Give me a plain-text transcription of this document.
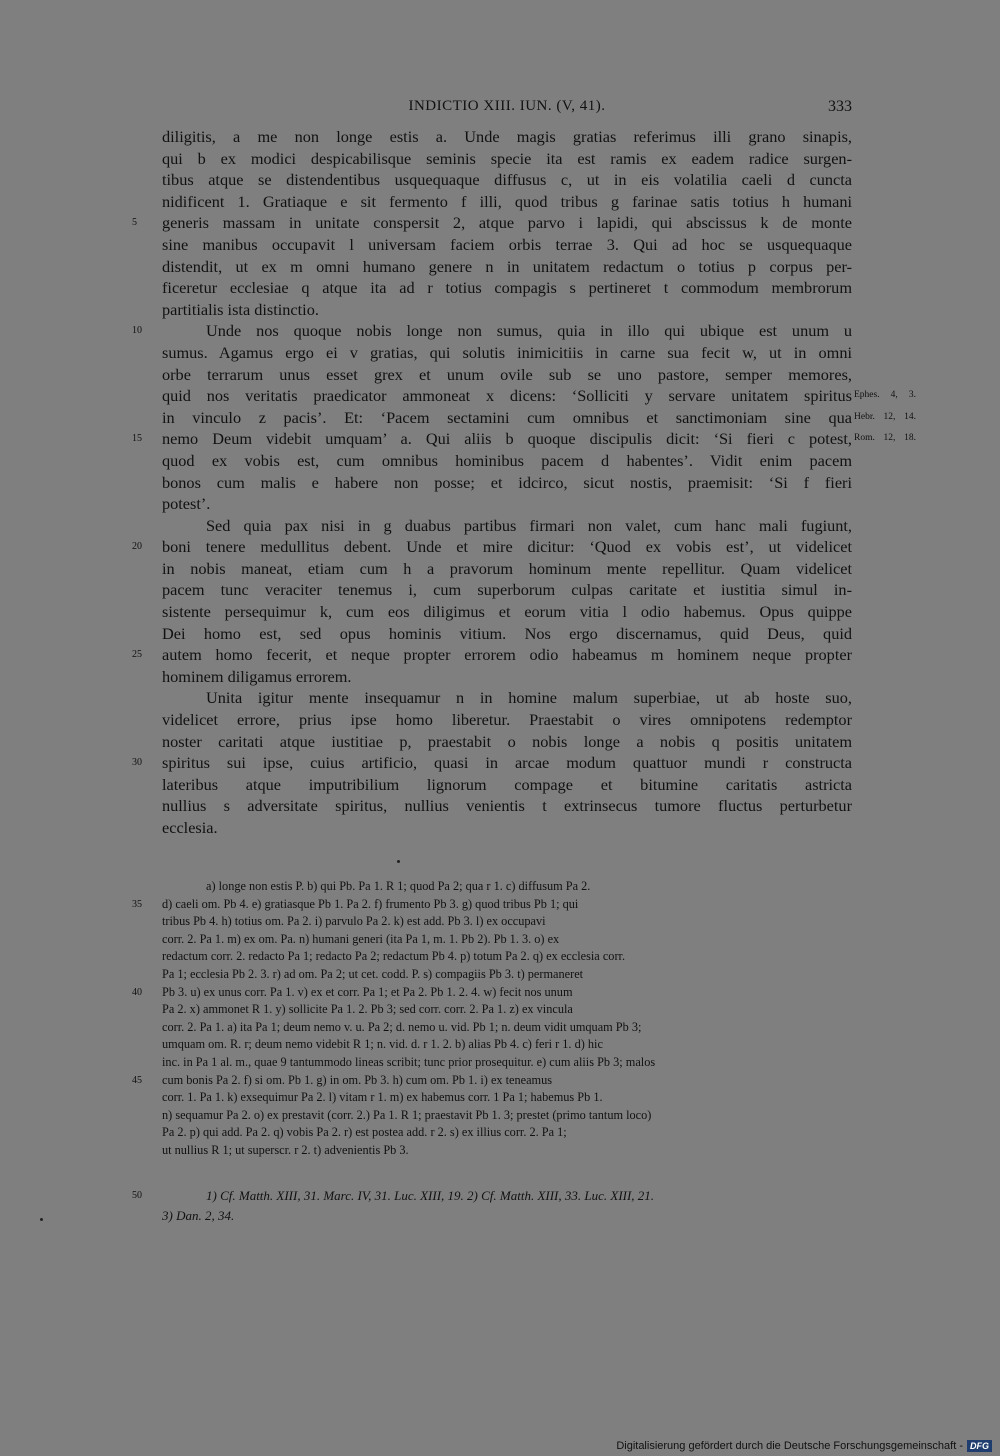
INDICTIO XIII. IUN. (V, 41).	333
diligitis, a me non longe estis a. Unde magis gratias referimus illi grano sinapis,
qui b ex modici despicabilisque seminis specie ita est ramis ex eadem radice surgen-
tibus atque se distendentibus usquequaque diffusus c, ut in eis volatilia caeli d cuncta
nidificent 1. Gratiaque e sit fermento f illi, quod tribus g farinae satis totius h humani
generis massam in unitate conspersit 2, atque parvo i lapidi, qui abscissus k de monte
5
sine manibus occupavit l universam faciem orbis terrae 3. Qui ad hoc se usquequaque
distendit, ut ex m omni humano genere n in unitatem redactum o totius p corpus per-
ficeretur ecclesiae q atque ita ad r totius compagis s pertineret t commodum membrorum
partitialis ista distinctio.
Unde nos quoque nobis longe non sumus, quia in illo qui ubique est unum u
10
sumus. Agamus ergo ei v gratias, qui solutis inimicitiis in carne sua fecit w, ut in omni
orbe terrarum unus esset grex et unum ovile sub se uno pastore, semper memores,
quid nos veritatis praedicator ammoneat x dicens: ‘Solliciti y servare unitatem spiritus Ephes. 4, 3.
in vinculo z pacis’. Et: ‘Pacem sectamini cum omnibus et sanctimoniam sine qua Hebr. 12, 14.
nemo Deum videbit umquam’ a. Qui aliis b quoque discipulis dicit: ‘Si fieri c potest,
15	Rom. 12, 18.
quod ex vobis est, cum omnibus hominibus pacem d habentes’. Vidit enim pacem
bonos cum malis e habere non posse; et idcirco, sicut nostis, praemisit: ‘Si f fieri
potest’.
Sed quia pax nisi in g duabus partibus firmari non valet, cum hanc mali fugiunt,
boni tenere medullitus debent. Unde et mire dicitur: ‘Quod ex vobis est’, ut videlicet
20
in nobis maneat, etiam cum h a pravorum hominum mente repellitur. Quam videlicet
pacem tunc veraciter tenemus i, cum superborum culpas caritate et iustitia simul in-
sistente persequimur k, cum eos diligimus et eorum vitia l odio habemus. Opus quippe
Dei homo est, sed opus hominis vitium. Nos ergo discernamus, quid Deus, quid
autem homo fecerit, et neque propter errorem odio habeamus m hominem neque propter
25
hominem diligamus errorem.
Unita igitur mente insequamur n in homine malum superbiae, ut ab hoste suo,
videlicet errore, prius ipse homo liberetur. Praestabit o vires omnipotens redemptor
noster caritati atque iustitiae p, praestabit o nobis longe a nobis q positis unitatem
spiritus sui ipse, cuius artificio, quasi in arcae modum quattuor mundi r constructa
30
lateribus atque imputribilium lignorum compage et bitumine caritatis astricta
nullius s adversitate spiritus, nullius venientis t extrinsecus tumore fluctus perturbetur
ecclesia.
a) longe non estis P. b) qui Pb. Pa 1. R 1; quod Pa 2; qua r 1. c) diffusum Pa 2.
d) caeli om. Pb 4. e) gratiasque Pb 1. Pa 2. f) frumento Pb 3. g) quod tribus Pb 1; qui
35
tribus Pb 4. h) totius om. Pa 2. i) parvulo Pa 2. k) est add. Pb 3. l) ex occupavi
corr. 2. Pa 1. m) ex om. Pa. n) humani generi (ita Pa 1, m. 1. Pb 2). Pb 1. 3. o) ex
redactum corr. 2. redacto Pa 1; redacto Pa 2; redactum Pb 4. p) totum Pa 2. q) ex ecclesia corr.
Pa 1; ecclesia Pb 2. 3. r) ad om. Pa 2; ut cet. codd. P. s) compagiis Pb 3. t) permaneret
Pb 3. u) ex unus corr. Pa 1. v) ex et corr. Pa 1; et Pa 2. Pb 1. 2. 4. w) fecit nos unum
40
Pa 2. x) ammonet R 1. y) sollicite Pa 1. 2. Pb 3; sed corr. corr. 2. Pa 1. z) ex vincula
corr. 2. Pa 1. a) ita Pa 1; deum nemo v. u. Pa 2; d. nemo u. vid. Pb 1; n. deum vidit umquam Pb 3;
umquam om. R. r; deum nemo videbit R 1; n. vid. d. r 1. 2. b) alias Pb 4. c) feri r 1. d) hic
inc. in Pa 1 al. m., quae 9 tantummodo lineas scribit; tunc prior prosequitur. e) cum aliis Pb 3; malos
cum bonis Pa 2. f) si om. Pb 1. g) in om. Pb 3. h) cum om. Pb 1. i) ex teneamus
45
corr. 1. Pa 1. k) exsequimur Pa 2. l) vitam r 1. m) ex habemus corr. 1 Pa 1; habemus Pb 1.
n) sequamur Pa 2. o) ex prestavit (corr. 2.) Pa 1. R 1; praestavit Pb 1. 3; prestet (primo tantum loco)
Pa 2. p) qui add. Pa 2. q) vobis Pa 2. r) est postea add. r 2. s) ex illius corr. 2. Pa 1;
ut nullius R 1; ut superscr. r 2. t) advenientis Pb 3.
1) Cf. Matth. XIII, 31. Marc. IV, 31. Luc. XIII, 19. 2) Cf. Matth. XIII, 33. Luc. XIII, 21.
50
3) Dan. 2, 34.
Digitalisierung gefördert durch die Deutsche Forschungsgemeinschaft - DFG
